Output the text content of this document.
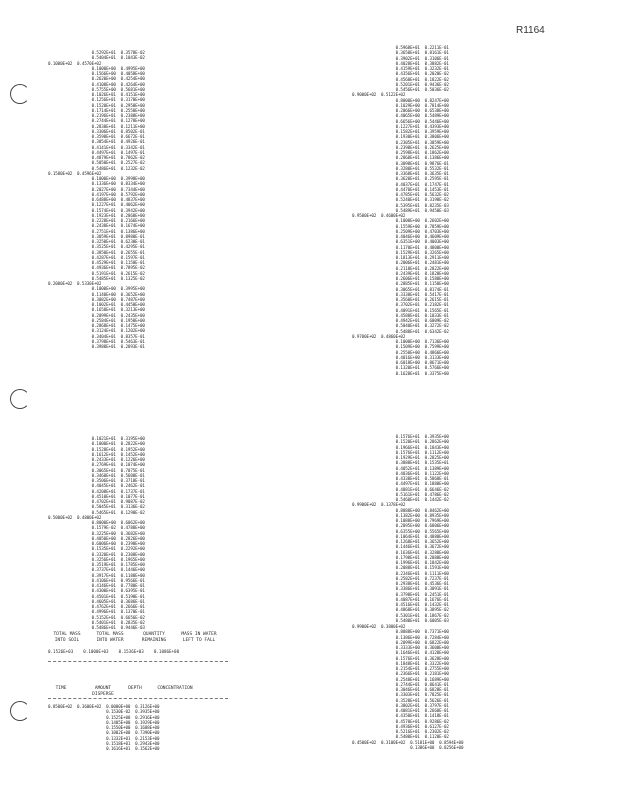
R1164
0.5292E+01  0.3578E-02
0.5404E+01  0.1043E-02
0.1000E+02  0.4570E+02
0.1000E+00  0.4995E+00
0.1566E+00  0.4058E+00
0.2620E+00  0.4254E+00
0.4108E+00  0.4264E+00
0.5755E+00  0.5681E+00
0.1026E+01  0.4151E+00
0.1256E+01  0.3170E+00
0.1520E+01  0.2958E+00
0.1714E+01  0.2558E+00
0.2196E+01  0.2388E+00
0.2744E+01  0.1278E+00
0.2838E+01  0.1211E+00
0.3306E+01  0.8502E-01
0.3598E+01  0.6672E-01
0.3854E+01  0.4926E-01
0.4141E+01  0.3342E-01
0.4497E+01  0.1497E-01
0.4879E+01  0.7862E-02
0.5050E+01  0.2527E-02
0.5486E+01  0.1232E-02
0.1580E+02  0.4596E+02
0.1000E+00  0.3998E+00
0.1336E+00  0.8334E+00
0.2027E+00  0.7344E+00
0.4197E+00  0.5792E+00
0.6488E+00  0.4837E+00
0.1227E+01  0.4062E+00
0.1574E+01  0.3942E+00
0.1923E+01  0.2860E+00
0.2228E+01  0.2166E+00
0.2438E+01  0.1674E+00
0.2751E+01  0.1386E+00
0.3059E+01  0.8980E-01
0.3250E+01  0.6230E-01
0.3525E+01  0.4295E-01
0.3850E+01  0.2655E-01
0.4287E+01  0.1597E-01
0.4529E+01  0.1158E-01
0.4936E+01  0.7895E-02
0.5191E+01  0.2615E-02
0.5485E+01  0.1325E-02
0.2000E+02  0.5330E+02
0.1000E+00  0.3995E+00
0.1140E+00  0.3652E+00
0.3082E+00  0.7487E+00
0.1002E+01  0.4450E+00
0.1658E+01  0.3213E+00
0.2099E+01  0.2435E+00
0.2584E+01  0.1958E+00
0.2868E+01  0.1475E+00
0.3124E+01  0.1202E+00
0.3404E+01  0.8357E-01
0.3798E+01  0.5463E-01
0.3988E+01  0.2893E-01
0.5968E+01  0.2211E-01
0.3650E+01  0.8161E-01
0.3902E+01  0.3106E-01
0.4028E+01  0.3882E-01
0.4159E+01  0.3232E-01
0.4356E+01  0.2020E-02
0.4568E+01  0.1822E-02
0.5201E+01  0.9436E-02
0.5456E+01  0.5036E-02
0.9000E+02  0.5122E+02
0.8000E+00  0.8247E+00
0.1029E+00  0.7814E+00
0.2066E+00  0.6538E+00
0.4065E+00  0.5489E+00
0.6656E+00  0.5446E+00
0.1227E+01  0.4393E+00
0.1582E+01  0.3959E+00
0.1930E+01  0.3806E+00
0.2305E+01  0.3059E+00
0.2398E+01  0.2625E+00
0.2598E+01  0.1862E+00
0.2868E+01  0.1386E+00
0.3098E+01  0.9876E-01
0.3280E+01  0.5532E-01
0.3368E+01  0.3635E-01
0.3620E+01  0.2595E-01
0.4037E+01  0.1747E-01
0.4470E+01  0.1453E-01
0.4785E+01  0.5632E-02
0.5240E+01  0.3198E-02
0.5395E+01  0.8235E-03
0.5489E+01  0.9450E-03
0.9500E+02  0.4600E+02
0.1000E+00  0.2602E+00
0.1559E+00  0.7859E+00
0.2509E+00  0.4703E+00
0.4046E+00  0.4609E+00
0.6351E+00  0.4003E+00
0.1170E+01  0.4800E+00
0.1529E+01  0.3265E+00
0.1813E+01  0.2911E+00
0.2006E+01  0.2481E+00
0.2118E+01  0.2822E+00
0.2439E+01  0.1828E+00
0.2606E+01  0.1588E+00
0.2885E+01  0.1158E+00
0.3065E+01  0.8174E-01
0.3338E+01  0.5417E-01
0.3560E+01  0.2615E-01
0.3702E+01  0.2182E-01
0.4091E+01  0.1565E-01
0.4588E+01  0.1033E-01
0.4942E+01  0.6009E-02
0.5040E+01  0.3272E-02
0.5488E+01  0.6342E-02
0.9700E+02  0.4860E+02
0.1000E+00  0.7136E+00
0.1509E+00  0.7599E+00
0.2550E+00  0.4866E+00
0.4016E+00  0.3133E+00
0.6018E+00  0.8671E+00
0.1320E+01  0.5766E+00
0.1628E+01  0.3375E+00
0.1021E+01  0.3195E+00
0.1000E+01  0.2822E+00
0.1528E+01  0.1952E+00
0.1612E+01  0.1452E+00
0.2433E+01  0.1226E+00
0.2769E+01  0.1074E+00
0.3065E+01  0.7075E-01
0.3460E+01  0.5608E-01
0.3506E+01  0.3718E-01
0.4045E+01  0.2462E-01
0.4208E+01  0.1737E-01
0.4510E+01  0.1077E-01
0.4702E+01  0.9087E-02
0.5045E+01  0.3136E-02
0.5465E+01  0.1290E-02
0.5000E+02  0.4800E+02
0.8000E+00  0.6062E+00
0.1579E-02  0.4788E+00
0.3225E+00  0.3682E+00
0.4050E+00  0.2826E+00
0.6006E+00  0.2390E+00
0.1535E+01  0.2292E+00
0.3320E+01  0.2308E+00
0.3256E+01  0.1965E+00
0.3519E+01  0.1785E+00
0.3737E+01  0.1446E+00
0.3917E+01  0.1188E+00
0.4106E+01  0.9566E-01
0.4146E+01  0.7780E-01
0.4300E+01  0.6395E-01
0.4501E+01  0.5190E-01
0.4605E+01  0.3686E-01
0.4762E+01  0.2666E-01
0.4996E+01  0.1370E-01
0.5152E+01  0.6656E-02
0.5401E+01  0.2835E-02
0.5486E+01  0.9446E-03
0.1576E+01  0.3935E+00
0.1520E+01  0.2862E+00
0.1966E+01  0.1843E+00
0.1576E+01  0.1112E+00
0.1929E+01  0.2825E+00
0.3888E+01  0.1535E+01
0.4052E+01  0.1389E+00
0.4036E+01  0.1122E+00
0.4338E+01  0.5868E-01
0.4497E+01  0.1880E+00
0.4881E+01  0.6646E-02
0.5161E+01  0.4786E-02
0.5460E+01  0.1442E-02
0.9900E+02  0.1378E+02
0.8888E+00  0.8462E+00
0.1382E+00  0.8935E+00
0.1088E+00  0.7969E+00
0.2095E+00  0.6806E+00
0.6355E+00  0.5565E+00
0.1064E+01  0.4888E+00
0.1268E+01  0.3652E+00
0.1446E+01  0.3672E+00
0.1636E+01  0.3288E+00
0.1798E+01  0.2888E+00
0.1996E+01  0.1842E+00
0.2088E+01  0.1591E+00
0.2346E+01  0.1111E+00
0.2582E+01  0.7237E-01
0.2938E+01  0.4536E-01
0.3386E+01  0.3091E-01
0.3798E+01  0.2451E-01
0.4087E+01  0.1676E-01
0.4516E+01  0.1432E-01
0.4868E+01  0.3895E-02
0.5301E+01  0.1867E-02
0.5480E+01  0.6005E-03
0.9900E+02  0.3800E+02
0.8888E+00  0.7371E+00
0.1386E+00  0.7284E+00
0.2099E+00  0.6822E+00
0.3333E+00  0.3600E+00
0.1646E+01  0.4128E+00
0.1576E+01  0.3628E+00
0.1848E+01  0.3322E+00
0.2154E+01  0.2755E+00
0.2366E+01  0.2181E+00
0.2548E+01  0.1689E+00
0.2744E+01  0.8641E-01
0.3046E+01  0.6828E-01
0.3303E+01  0.7825E-01
0.3520E+01  0.5626E-01
0.3802E+01  0.3797E-01
0.4081E+01  0.2668E-01
0.4350E+01  0.1418E-01
0.4570E+01  0.9286E-02
0.4936E+01  0.6127E-02
0.5216E+01  0.2302E-02
0.5480E+01  0.1120E-02
0.4500E+02  0.3100E+02  0.5181E+00  0.8594E+00
0.1386E+00  0.8256E+00
TOTAL MASS
INTO SOIL
TOTAL MASS
INTO WATER
QUANTITY
REMAINING
MASS IN WATER
LEFT TO FALL
0.1526E+03    0.1000E+03    0.1536E+03    0.1086E+00
TIME	AMOUNT
DISPERSE
DEPTH	CONCENTRATION
0.8500E+02  0.3600E+02  0.0000E+00  0.3126E+00
0.1530E-02  0.3935E+00
0.1525E+00  0.2916E+00
0.1405E+00  0.1929E+00
0.1550E+00  0.1688E+00
0.1002E+00  0.7390E+00
0.1332E+01  0.2153E+00
0.1518E+01  0.2943E+00
0.1616E+01  0.1562E+00
